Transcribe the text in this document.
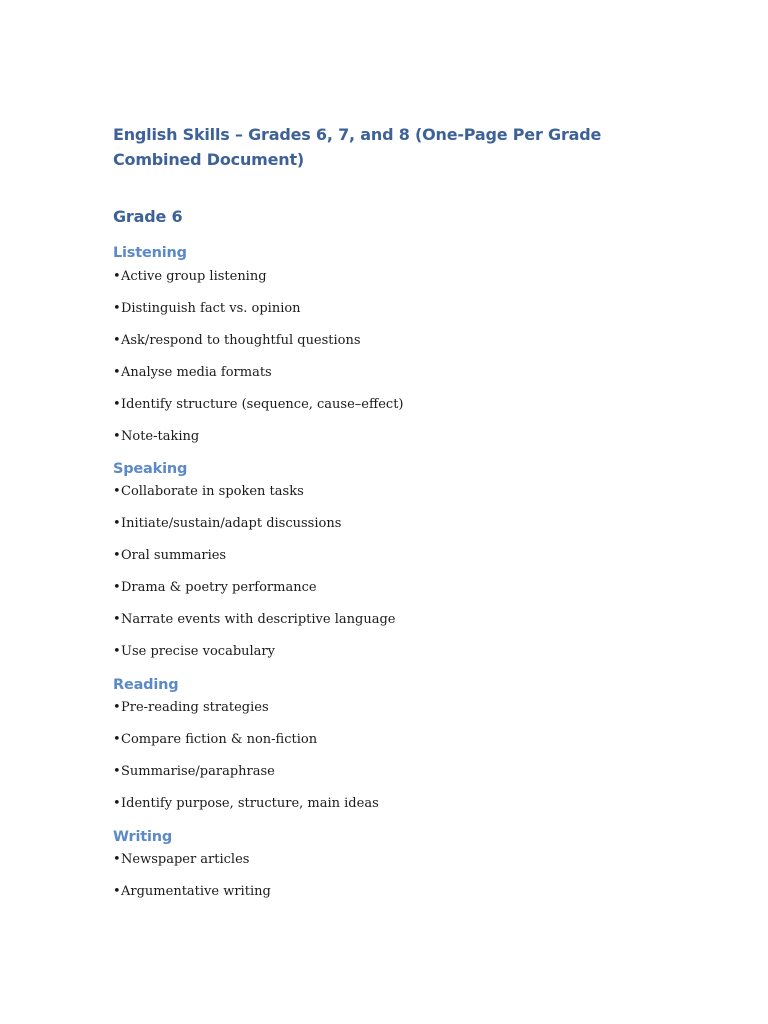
English Skills – Grades 6, 7, and 8 (One-Page Per Grade Combined Document)
Grade 6
Listening
•Active group listening
•Distinguish fact vs. opinion
•Ask/respond to thoughtful questions
•Analyse media formats
•Identify structure (sequence, cause–effect)
•Note-taking
Speaking
•Collaborate in spoken tasks
•Initiate/sustain/adapt discussions
•Oral summaries
•Drama & poetry performance
•Narrate events with descriptive language
•Use precise vocabulary
Reading
•Pre-reading strategies
•Compare fiction & non-fiction
•Summarise/paraphrase
•Identify purpose, structure, main ideas
Writing
•Newspaper articles
•Argumentative writing
